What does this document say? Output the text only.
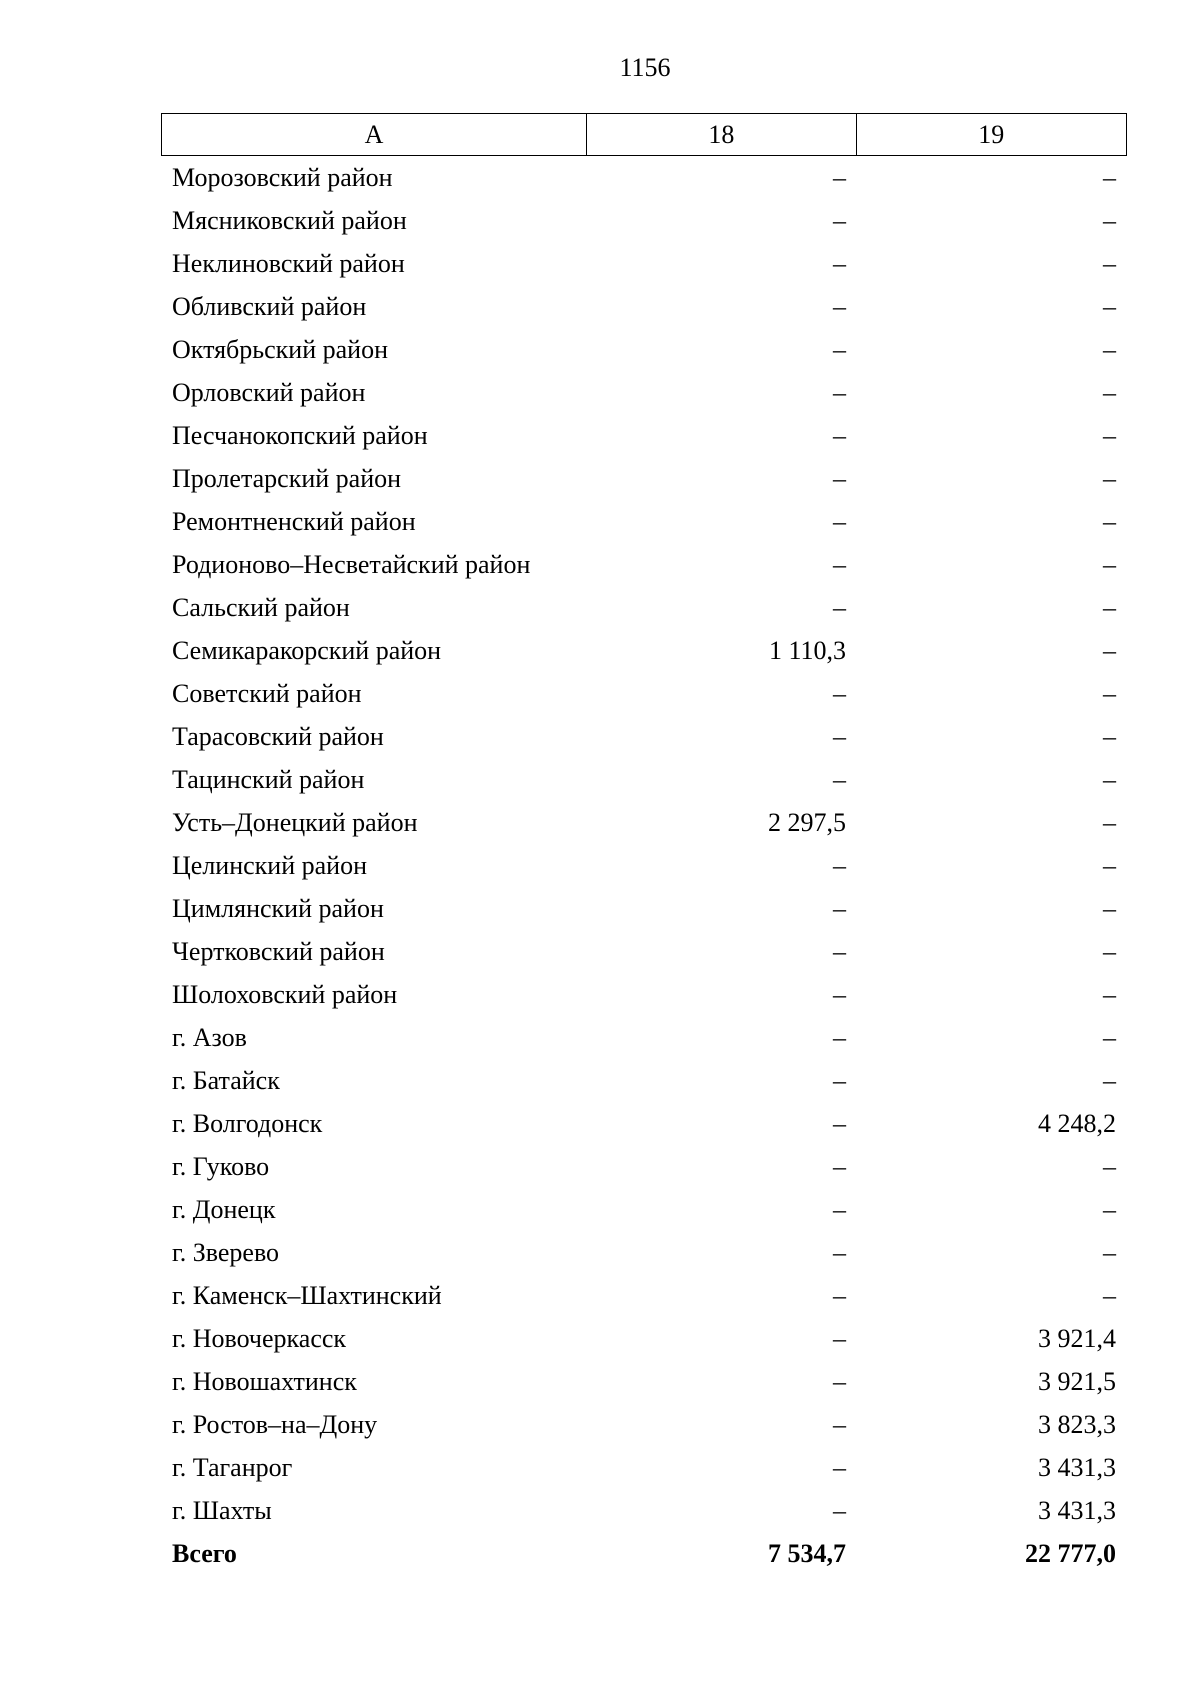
1156
А	18	19
Морозовский район	–	–
Мясниковский район	–	–
Неклиновский район	–	–
Обливский район	–	–
Октябрьский район	–	–
Орловский район	–	–
Песчанокопский район	–	–
Пролетарский район	–	–
Ремонтненский район	–	–
Родионово–Несветайский район	–	–
Сальский район	–	–
Семикаракорский район	1 110,3	–
Советский район	–	–
Тарасовский район	–	–
Тацинский район	–	–
Усть–Донецкий район	2 297,5	–
Целинский район	–	–
Цимлянский район	–	–
Чертковский район	–	–
Шолоховский район	–	–
г. Азов	–	–
г. Батайск	–	–
г. Волгодонск	–	4 248,2
г. Гуково	–	–
г. Донецк	–	–
г. Зверево	–	–
г. Каменск–Шахтинский	–	–
г. Новочеркасск	–	3 921,4
г. Новошахтинск	–	3 921,5
г. Ростов–на–Дону	–	3 823,3
г. Таганрог	–	3 431,3
г. Шахты	–	3 431,3
Всего	7 534,7	22 777,0
